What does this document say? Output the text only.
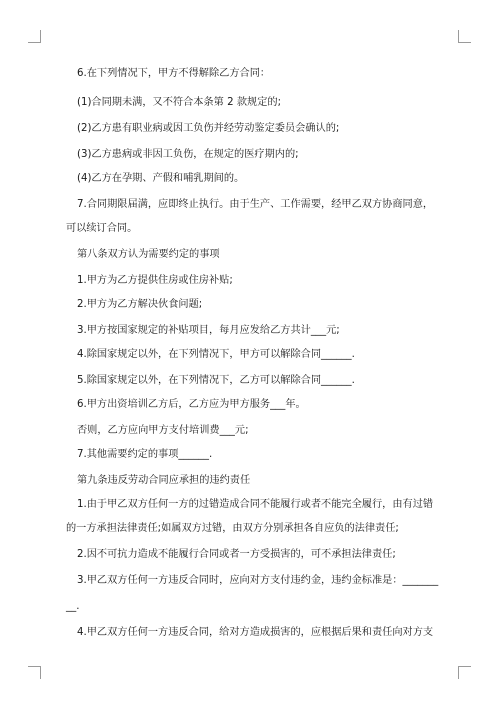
6.在下列情况下，甲方不得解除乙方合同：

(1)合同期未满，又不符合本条第 2 款规定的;

(2)乙方患有职业病或因工负伤并经劳动鉴定委员会确认的;

(3)乙方患病或非因工负伤，在规定的医疗期内的;

(4)乙方在孕期、产假和哺乳期间的。

7.合同期限届满，应即终止执行。由于生产、工作需要，经甲乙双方协商同意，

可以续订合同。

第八条双方认为需要约定的事项

1.甲方为乙方提供住房或住房补贴;

2.甲方为乙方解决伙食问题;

3.甲方按国家规定的补贴项目，每月应发给乙方共计___元;

4.除国家规定以外，在下列情况下，甲方可以解除合同______.

5.除国家规定以外，在下列情况下，乙方可以解除合同______.

6.甲方出资培训乙方后，乙方应为甲方服务___年。

否则，乙方应向甲方支付培训费___元;

7.其他需要约定的事项______.

第九条违反劳动合同应承担的违约责任

1.由于甲乙双方任何一方的过错造成合同不能履行或者不能完全履行，由有过错

的一方承担法律责任;如属双方过错，由双方分别承担各自应负的法律责任;

2.因不可抗力造成不能履行合同或者一方受损害的，可不承担法律责任;

3.甲乙双方任何一方违反合同时，应向对方支付违约金，违约金标准是：_______

__.

4.甲乙双方任何一方违反合同，给对方造成损害的，应根据后果和责任向对方支
